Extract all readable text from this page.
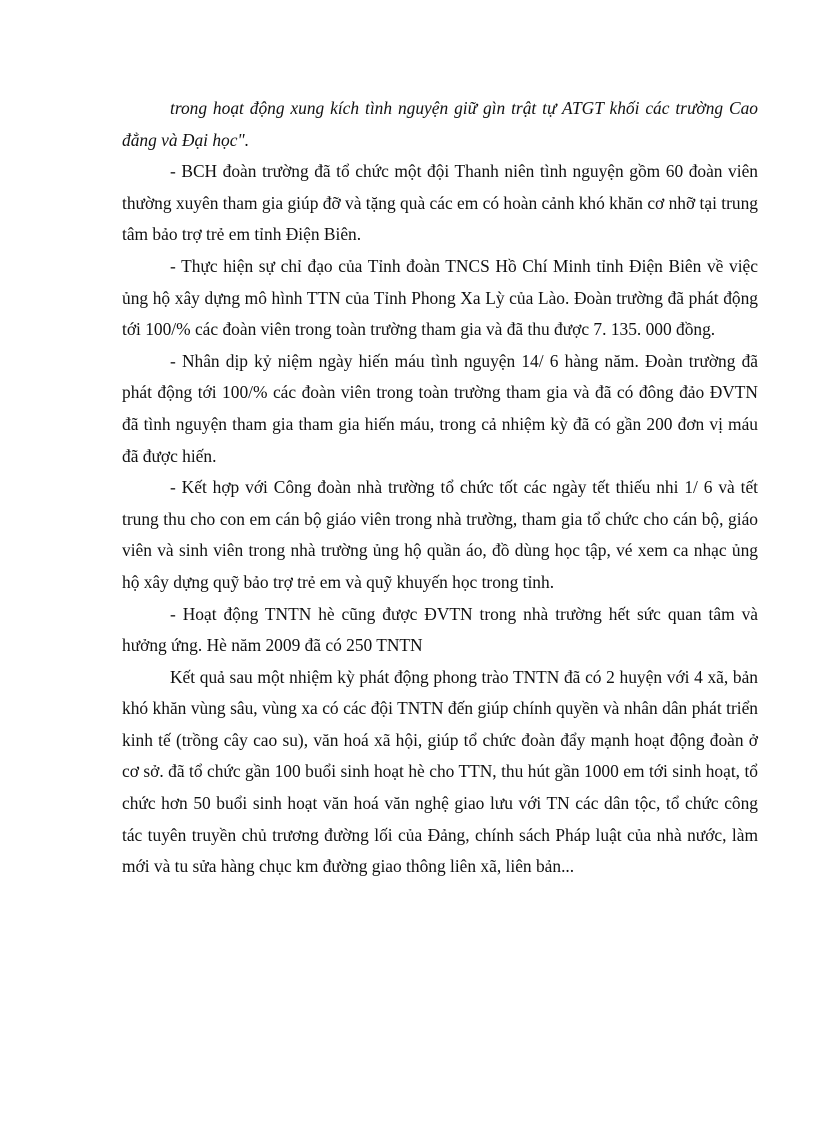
trong hoạt động xung kích tình nguyện giữ gìn trật tự ATGT khối các trường Cao đẳng và Đại học".

- BCH đoàn trường đã tổ chức một đội Thanh niên tình nguyện gồm 60 đoàn viên thường xuyên tham gia giúp đỡ và tặng quà các em có hoàn cảnh khó khăn cơ nhỡ tại trung tâm bảo trợ trẻ em tỉnh Điện Biên.

- Thực hiện sự chỉ đạo của Tỉnh đoàn TNCS Hồ Chí Minh tỉnh Điện Biên về việc ủng hộ xây dựng mô hình TTN của Tỉnh Phong Xa Lỳ của Lào. Đoàn trường đã phát động tới 100/% các đoàn viên trong toàn trường tham gia và đã thu được 7. 135. 000 đồng.

- Nhân dịp kỷ niệm ngày hiến máu tình nguyện 14/ 6 hàng năm. Đoàn trường đã phát động tới 100/% các đoàn viên trong toàn trường tham gia và đã có đông đảo ĐVTN đã tình nguyện tham gia tham gia hiến máu, trong cả nhiệm kỳ đã có gần 200 đơn vị máu đã được hiến.

- Kết hợp với Công đoàn nhà trường tổ chức tốt các ngày tết thiếu nhi 1/ 6 và tết trung thu cho con em cán bộ giáo viên trong nhà trường, tham gia tổ chức cho cán bộ, giáo viên và sinh viên trong nhà trường ủng hộ quần áo, đồ dùng học tập, vé xem ca nhạc ủng hộ xây dựng quỹ bảo trợ trẻ em và quỹ khuyến học trong tỉnh.

- Hoạt động TNTN hè cũng được ĐVTN trong nhà trường hết sức quan tâm và hưởng ứng. Hè năm 2009 đã có 250 TNTN

Kết quả sau một nhiệm kỳ phát động phong trào TNTN đã có 2 huyện với 4 xã, bản khó khăn vùng sâu, vùng xa có các đội TNTN đến giúp chính quyền và nhân dân phát triển kinh tế (trồng cây cao su), văn hoá xã hội, giúp tổ chức đoàn đẩy mạnh hoạt động đoàn ở cơ sở. đã tổ chức gần 100 buổi sinh hoạt hè cho TTN, thu hút gần 1000 em tới sinh hoạt, tổ chức hơn 50 buổi sinh hoạt văn hoá văn nghệ giao lưu với TN các dân tộc, tổ chức công tác tuyên truyền chủ trương đường lối của Đảng, chính sách Pháp luật của nhà nước, làm mới và tu sửa hàng chục km đường giao thông liên xã, liên bản...
